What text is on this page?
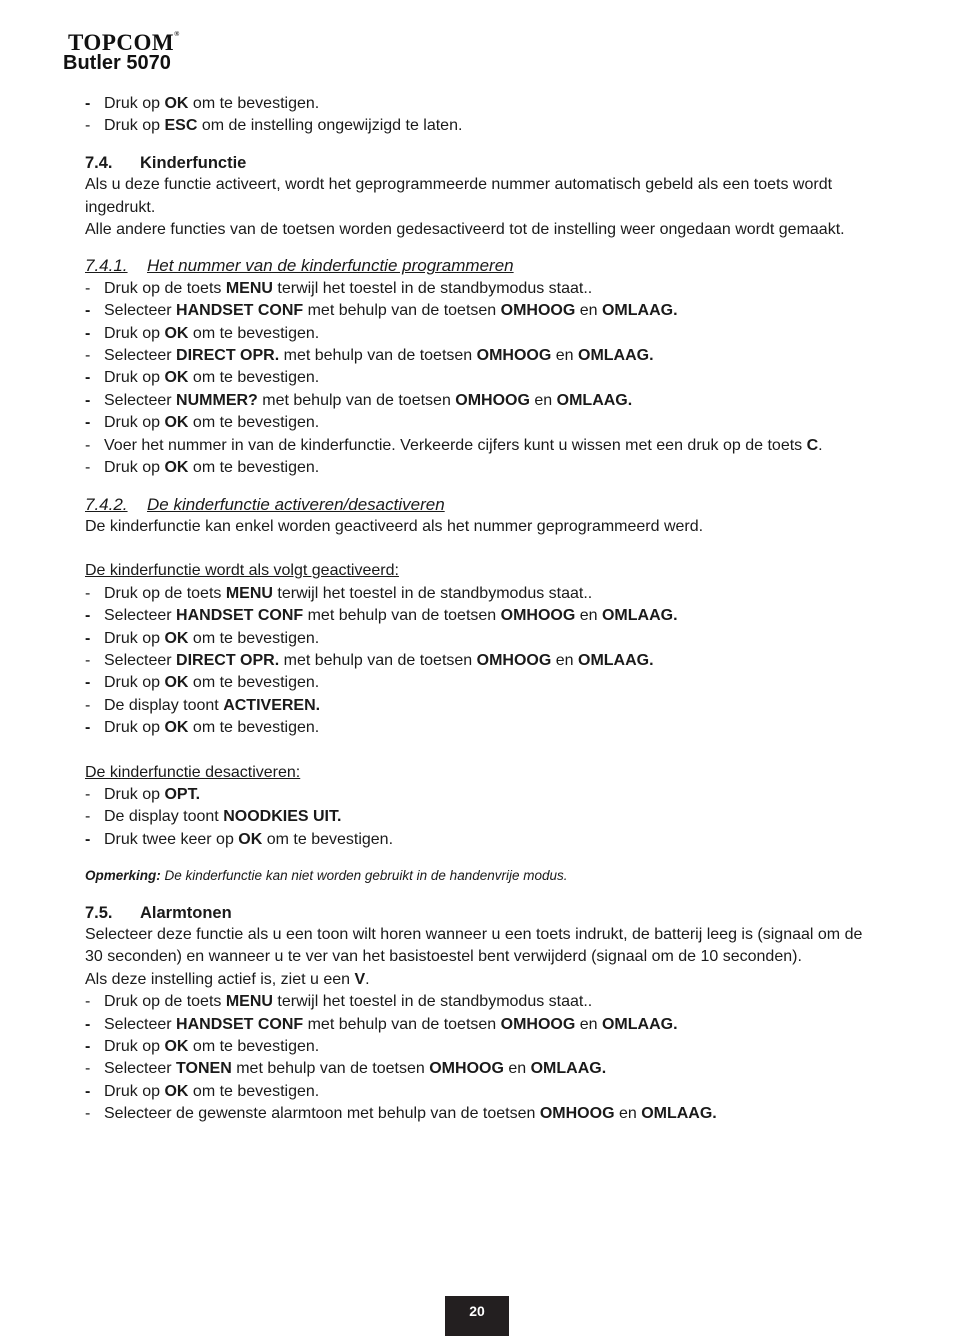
TOPCOM®
Butler 5070
- Druk op OK om te bevestigen.
- Druk op ESC om de instelling ongewijzigd te laten.
7.4. Kinderfunctie
Als u deze functie activeert, wordt het geprogrammeerde nummer automatisch gebeld als een toets wordt ingedrukt.
Alle andere functies van de toetsen worden gedesactiveerd tot de instelling weer ongedaan wordt gemaakt.
7.4.1. Het nummer van de kinderfunctie programmeren
- Druk op de toets MENU terwijl het toestel in de standbymodus staat..
- Selecteer HANDSET CONF met behulp van de toetsen OMHOOG en OMLAAG.
- Druk op OK om te bevestigen.
- Selecteer DIRECT OPR. met behulp van de toetsen OMHOOG en OMLAAG.
- Druk op OK om te bevestigen.
- Selecteer NUMMER? met behulp van de toetsen OMHOOG en OMLAAG.
- Druk op OK om te bevestigen.
- Voer het nummer in van de kinderfunctie. Verkeerde cijfers kunt u wissen met een druk op de toets C.
- Druk op OK om te bevestigen.
7.4.2. De kinderfunctie activeren/desactiveren
De kinderfunctie kan enkel worden geactiveerd als het nummer geprogrammeerd werd.
De kinderfunctie wordt als volgt geactiveerd:
- Druk op de toets MENU terwijl het toestel in de standbymodus staat..
- Selecteer HANDSET CONF met behulp van de toetsen OMHOOG en OMLAAG.
- Druk op OK om te bevestigen.
- Selecteer DIRECT OPR. met behulp van de toetsen OMHOOG en OMLAAG.
- Druk op OK om te bevestigen.
- De display toont ACTIVEREN.
- Druk op OK om te bevestigen.
De kinderfunctie desactiveren:
- Druk op OPT.
- De display toont NOODKIES UIT.
- Druk twee keer op OK om te bevestigen.
Opmerking: De kinderfunctie kan niet worden gebruikt in de handenvrije modus.
7.5. Alarmtonen
Selecteer deze functie als u een toon wilt horen wanneer u een toets indrukt, de batterij leeg is (signaal om de 30 seconden) en wanneer u te ver van het basistoestel bent verwijderd (signaal om de 10 seconden).
Als deze instelling actief is, ziet u een V.
- Druk op de toets MENU terwijl het toestel in de standbymodus staat..
- Selecteer HANDSET CONF met behulp van de toetsen OMHOOG en OMLAAG.
- Druk op OK om te bevestigen.
- Selecteer TONEN met behulp van de toetsen OMHOOG en OMLAAG.
- Druk op OK om te bevestigen.
- Selecteer de gewenste alarmtoon met behulp van de toetsen OMHOOG en OMLAAG.
20
